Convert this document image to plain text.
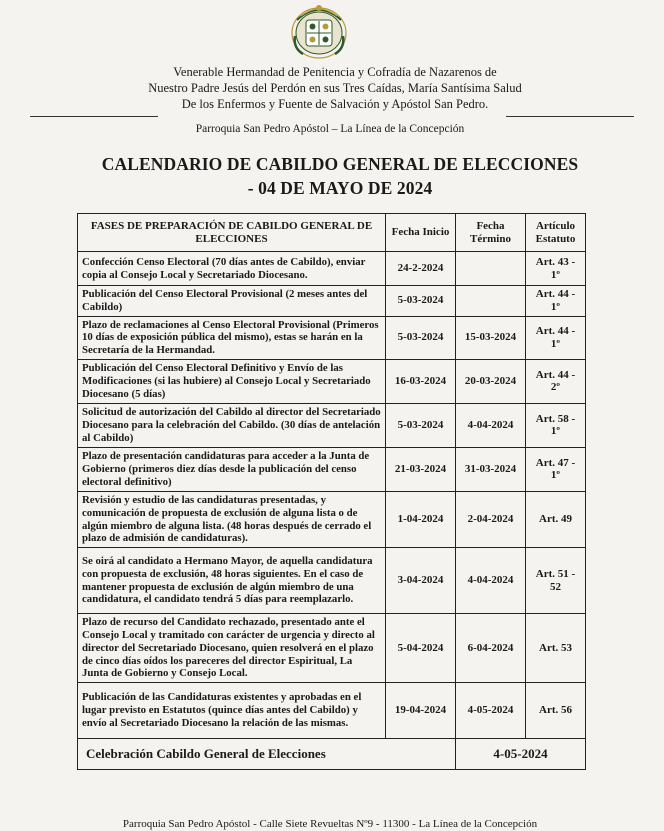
Venerable Hermandad de Penitencia y Cofradía de Nazarenos de
Nuestro Padre Jesús del Perdón en sus Tres Caídas, María Santísima Salud
De los Enfermos y Fuente de Salvación y Apóstol San Pedro.
Parroquia San Pedro Apóstol – La Línea de la Concepción
CALENDARIO DE CABILDO GENERAL DE ELECCIONES
- 04 DE MAYO DE 2024
FASES DE PREPARACIÓN DE CABILDO GENERAL DE ELECCIONES	Fecha Inicio	Fecha Término	Artículo Estatuto
Confección Censo Electoral (70 días antes de Cabildo), enviar copia al Consejo Local y Secretariado Diocesano.	24-2-2024		Art. 43 - 1º
Publicación del Censo Electoral Provisional (2 meses antes del Cabildo)	5-03-2024		Art. 44 - 1º
Plazo de reclamaciones al Censo Electoral Provisional (Primeros 10 días de exposición pública del mismo), estas se harán en la Secretaría de la Hermandad.	5-03-2024	15-03-2024	Art. 44 - 1º
Publicación del Censo Electoral Definitivo y Envío de las Modificaciones (si las hubiere) al Consejo Local y Secretariado Diocesano (5 días)	16-03-2024	20-03-2024	Art. 44 - 2º
Solicitud de autorización del Cabildo al director del Secretariado Diocesano para la celebración del Cabildo. (30 días de antelación al Cabildo)	5-03-2024	4-04-2024	Art. 58 - 1º
Plazo de presentación candidaturas para acceder a la Junta de Gobierno (primeros diez días desde la publicación del censo electoral definitivo)	21-03-2024	31-03-2024	Art. 47 - 1º
Revisión y estudio de las candidaturas presentadas, y comunicación de propuesta de exclusión de alguna lista o de algún miembro de alguna lista. (48 horas después de cerrado el plazo de admisión de candidaturas).	1-04-2024	2-04-2024	Art. 49
Se oirá al candidato a Hermano Mayor, de aquella candidatura con propuesta de exclusión, 48 horas siguientes. En el caso de mantener propuesta de exclusión de algún miembro de una candidatura, el candidato tendrá 5 días para reemplazarlo.	3-04-2024	4-04-2024	Art. 51 - 52
Plazo de recurso del Candidato rechazado, presentado ante el Consejo Local y tramitado con carácter de urgencia y directo al director del Secretariado Diocesano, quien resolverá en el plazo de cinco días oídos los pareceres del director Espiritual, La Junta de Gobierno y Consejo Local.	5-04-2024	6-04-2024	Art. 53
Publicación de las Candidaturas existentes y aprobadas en el lugar previsto en Estatutos (quince días antes del Cabildo) y envío al Secretariado Diocesano la relación de las mismas.	19-04-2024	4-05-2024	Art. 56
Celebración Cabildo General de Elecciones		4-05-2024	
Parroquia San Pedro Apóstol - Calle Siete Revueltas Nº9 - 11300 - La Línea de la Concepción
